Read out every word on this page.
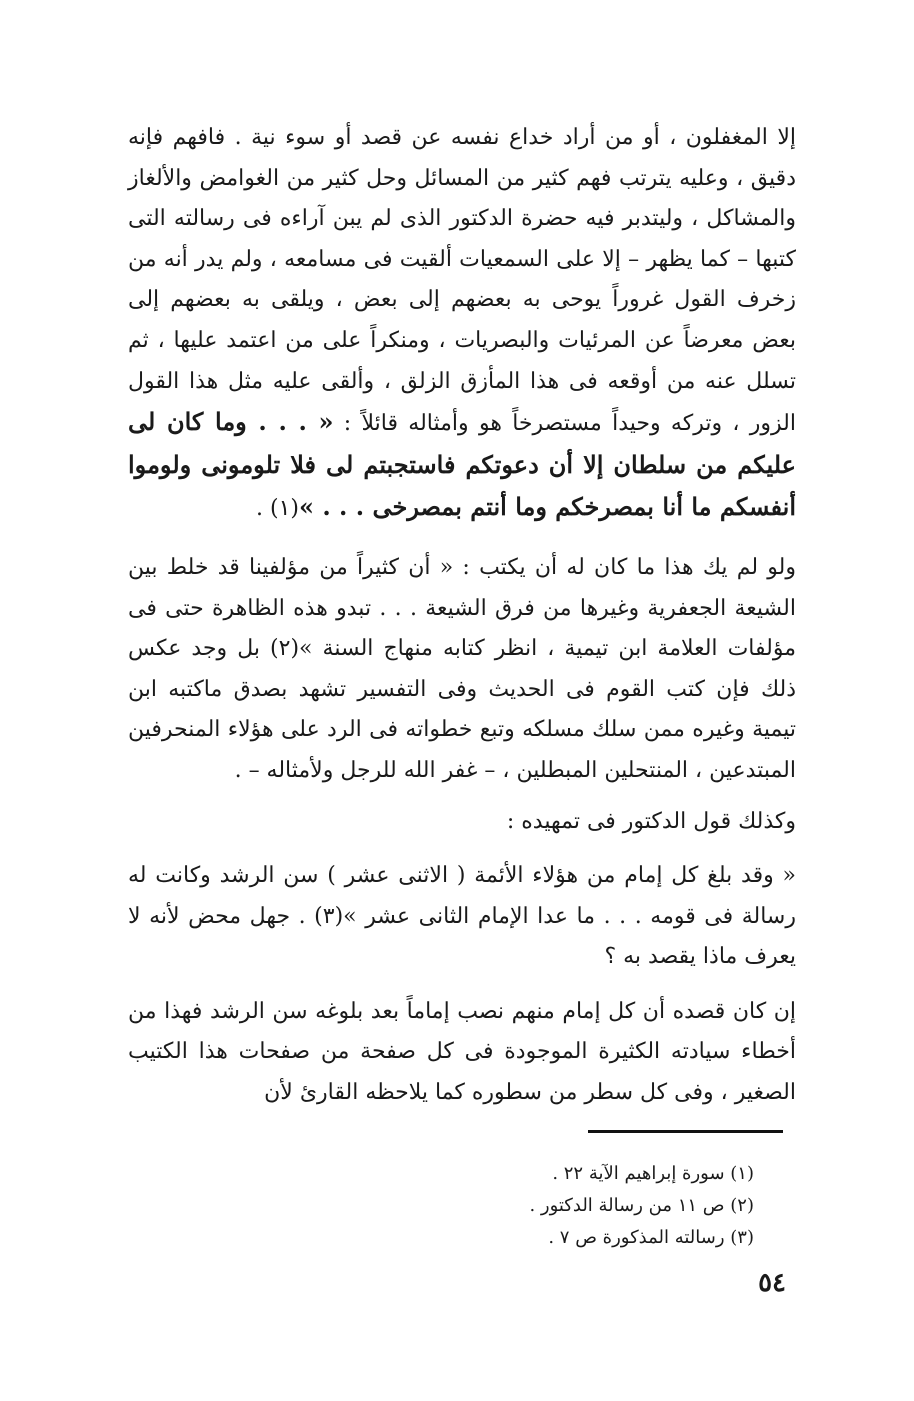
إلا المغفلون ، أو من أراد خداع نفسه عن قصد أو سوء نية . فافهم فإنه دقيق ، وعليه يترتب فهم كثير من المسائل وحل كثير من الغوامض والألغاز والمشاكل ، وليتدبر فيه حضرة الدكتور الذى لم يبن آراءه فى رسالته التى كتبها – كما يظهر – إلا على السمعيات ألقيت فى مسامعه ، ولم يدر أنه من زخرف القول غروراً يوحى به بعضهم إلى بعض ، ويلقى به بعضهم إلى بعض معرضاً عن المرئيات والبصريات ، ومنكراً على من اعتمد عليها ، ثم تسلل عنه من أوقعه فى هذا المأزق الزلق ، وألقى عليه مثل هذا القول الزور ، وتركه وحيداً مستصرخاً هو وأمثاله قائلاً : « . . . وما كان لى عليكم من سلطان إلا أن دعوتكم فاستجبتم لى فلا تلومونى ولوموا أنفسكم ما أنا بمصرخكم وما أنتم بمصرخى . . . »(١) .

ولو لم يك هذا ما كان له أن يكتب : « أن كثيراً من مؤلفينا قد خلط بين الشيعة الجعفرية وغيرها من فرق الشيعة . . . تبدو هذه الظاهرة حتى فى مؤلفات العلامة ابن تيمية ، انظر كتابه منهاج السنة »(٢) بل وجد عكس ذلك فإن كتب القوم فى الحديث وفى التفسير تشهد بصدق ماكتبه ابن تيمية وغيره ممن سلك مسلكه وتبع خطواته فى الرد على هؤلاء المنحرفين المبتدعين ، المنتحلين المبطلين ، – غفر الله للرجل ولأمثاله – .

وكذلك قول الدكتور فى تمهيده :

« وقد بلغ كل إمام من هؤلاء الأئمة ( الاثنى عشر ) سن الرشد وكانت له رسالة فى قومه . . . ما عدا الإمام الثانى عشر »(٣) . جهل محض لأنه لا يعرف ماذا يقصد به ؟

إن كان قصده أن كل إمام منهم نصب إماماً بعد بلوغه سن الرشد فهذا من أخطاء سيادته الكثيرة الموجودة فى كل صفحة من صفحات هذا الكتيب الصغير ، وفى كل سطر من سطوره كما يلاحظه القارئ لأن

(١) سورة إبراهيم الآية ٢٢ .

(٢) ص ١١ من رسالة الدكتور .

(٣) رسالته المذكورة ص ٧ .

٥٤
